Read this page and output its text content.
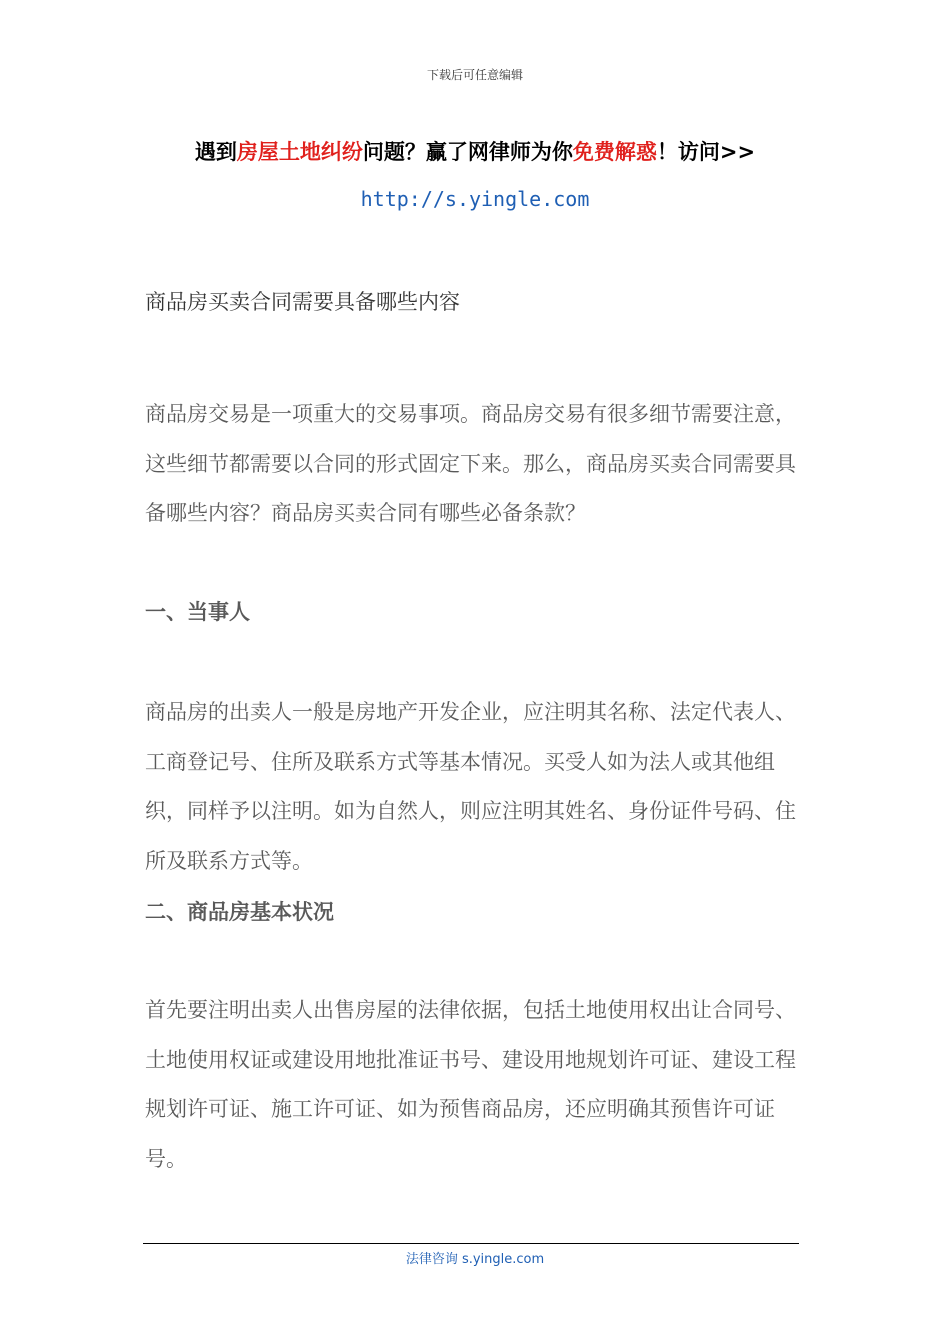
下载后可任意编辑
遇到房屋土地纠纷问题？赢了网律师为你免费解惑！访问>>
http://s.yingle.com
商品房买卖合同需要具备哪些内容

商品房交易是一项重大的交易事项。商品房交易有很多细节需要注意，这些细节都需要以合同的形式固定下来。那么，商品房买卖合同需要具备哪些内容？商品房买卖合同有哪些必备条款？

一、当事人

商品房的出卖人一般是房地产开发企业，应注明其名称、法定代表人、工商登记号、住所及联系方式等基本情况。买受人如为法人或其他组织，同样予以注明。如为自然人，则应注明其姓名、身份证件号码、住所及联系方式等。

二、商品房基本状况

首先要注明出卖人出售房屋的法律依据，包括土地使用权出让合同号、土地使用权证或建设用地批准证书号、建设用地规划许可证、建设工程规划许可证、施工许可证、如为预售商品房，还应明确其预售许可证号。

法律咨询 s.yingle.com
